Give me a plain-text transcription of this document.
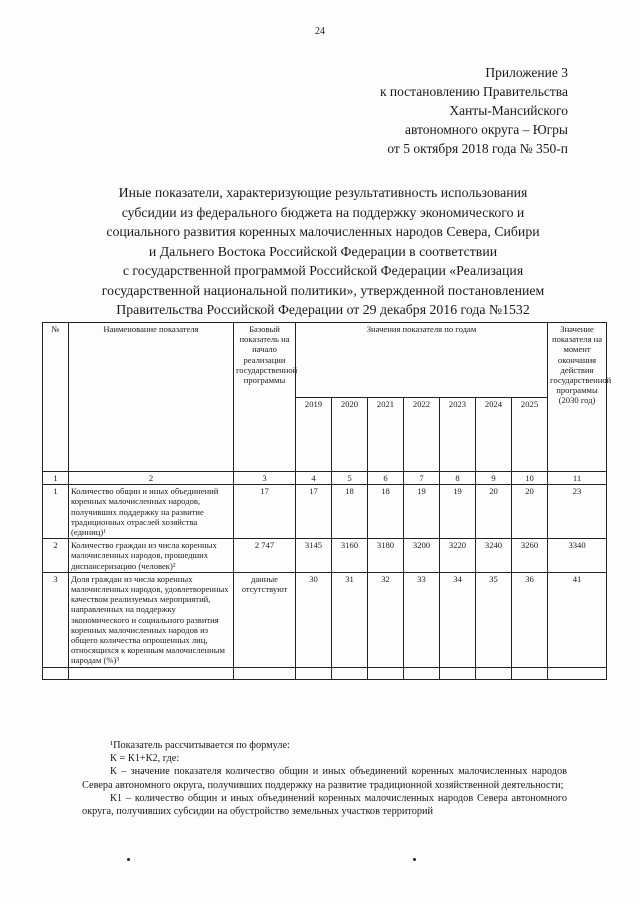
24
Приложение 3
к постановлению Правительства
Ханты-Мансийского
автономного округа – Югры
от 5 октября 2018 года № 350-п
Иные показатели, характеризующие результативность использования
субсидии из федерального бюджета на поддержку экономического и
социального развития коренных малочисленных народов Севера, Сибири
и Дальнего Востока Российской Федерации в соответствии
с государственной программой Российской Федерации «Реализация
государственной национальной политики», утвержденной постановлением
Правительства Российской Федерации от 29 декабря 2016 года №1532
№	Наименование показателя	Базовый показатель на начало реализации государственной программы	Значения показателя по годам							Значение показателя на момент окончания действия государственной программы (2030 год)
			2019	2020	2021	2022	2023	2024	2025	
1	2	3	4	5	6	7	8	9	10	11
1	Количество общин и иных объединений коренных малочисленных народов, получивших поддержку на развитие традиционных отраслей хозяйства (единиц)¹	17	17	18	18	19	19	20	20	23
2	Количество граждан из числа коренных малочисленных народов, прошедших диспансеризацию (человек)²	2 747	3145	3160	3180	3200	3220	3240	3260	3340
3	Доля граждан из числа коренных малочисленных народов, удовлетворенных качеством реализуемых мероприятий, направленных на поддержку экономического и социального развития коренных малочисленных народов из общего количества опрошенных лиц, относящихся к коренным малочисленным народам (%)³	данные отсутствуют	30	31	32	33	34	35	36	41

¹Показатель рассчитывается по формуле:

К = К1+К2, где:

К – значение показателя количество общин и иных объединений коренных малочисленных народов Севера автономного округа, получивших поддержку на развитие традиционной хозяйственной деятельности;

К1 – количество общин и иных объединений коренных малочисленных народов Севера автономного округа, получивших субсидии на обустройство земельных участков территорий
